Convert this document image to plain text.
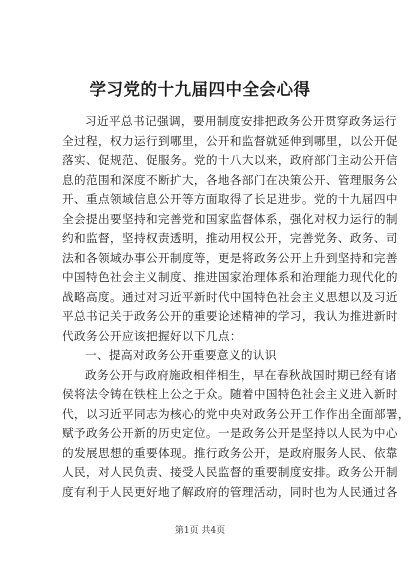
学习党的十九届四中全会心得
习近平总书记强调，要用制度安排把政务公开贯穿政务运行
全过程，权力运行到哪里，公开和监督就延伸到哪里，以公开促
落实、促规范、促服务。党的十八大以来，政府部门主动公开信
息的范围和深度不断扩大，各地各部门在决策公开、管理服务公
开、重点领域信息公开等方面取得了长足进步。党的十九届四中
全会提出要坚持和完善党和国家监督体系，强化对权力运行的制
约和监督，坚持权责透明，推动用权公开，完善党务、政务、司
法和各领域办事公开制度等，更是将政务公开上升到坚持和完善
中国特色社会主义制度、推进国家治理体系和治理能力现代化的
战略高度。通过对习近平新时代中国特色社会主义思想以及习近
平总书记关于政务公开的重要论述精神的学习，我认为推进新时
代政务公开应该把握好以下几点：
一、提高对政务公开重要意义的认识
政务公开与政府施政相伴相生，早在春秋战国时期已经有诸
侯将法令铸在铁柱上公之于众。随着中国特色社会主义进入新时
代，以习近平同志为核心的党中央对政务公开工作作出全面部署，
赋予政务公开新的历史定位。一是政务公开是坚持以人民为中心
的发展思想的重要体现。推行政务公开，是政府服务人民、依靠
人民，对人民负责、接受人民监督的重要制度安排。政务公开制
度有利于人民更好地了解政府的管理活动，同时也为人民通过各
第1页 共4页
